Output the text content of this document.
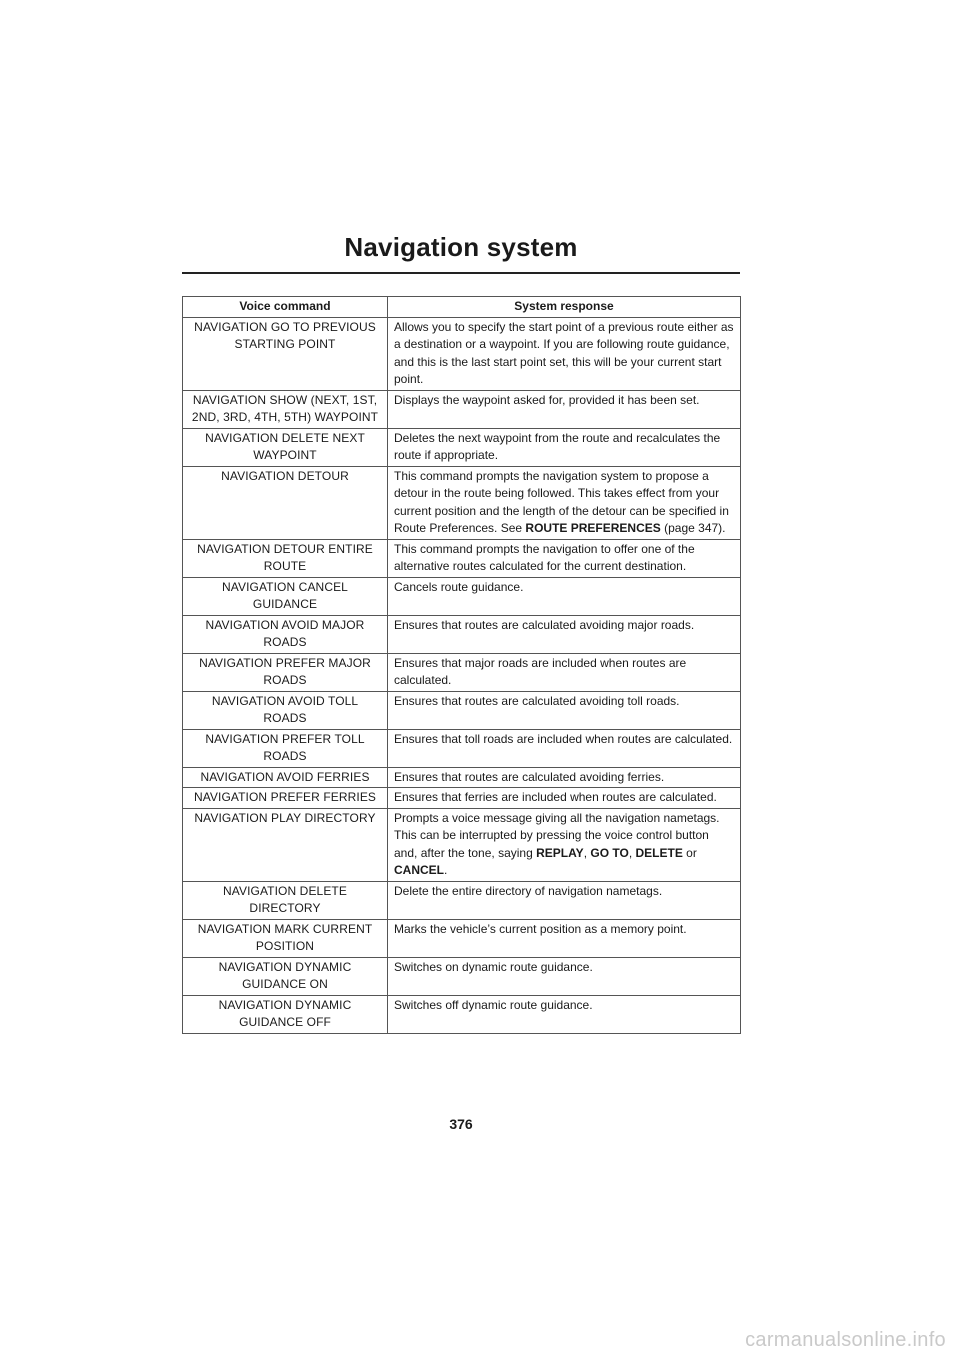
Navigation system
Voice command	System response
NAVIGATION GO TO PREVIOUS STARTING POINT	Allows you to specify the start point of a previous route either as a destination or a waypoint. If you are following route guidance, and this is the last start point set, this will be your current start point.
NAVIGATION SHOW (NEXT, 1ST, 2ND, 3RD, 4TH, 5TH) WAYPOINT	Displays the waypoint asked for, provided it has been set.
NAVIGATION DELETE NEXT WAYPOINT	Deletes the next waypoint from the route and recalculates the route if appropriate.
NAVIGATION DETOUR	This command prompts the navigation system to propose a detour in the route being followed. This takes effect from your current position and the length of the detour can be specified in Route Preferences. See ROUTE PREFERENCES (page 347).
NAVIGATION DETOUR ENTIRE ROUTE	This command prompts the navigation to offer one of the alternative routes calculated for the current destination.
NAVIGATION CANCEL GUIDANCE	Cancels route guidance.
NAVIGATION AVOID MAJOR ROADS	Ensures that routes are calculated avoiding major roads.
NAVIGATION PREFER MAJOR ROADS	Ensures that major roads are included when routes are calculated.
NAVIGATION AVOID TOLL ROADS	Ensures that routes are calculated avoiding toll roads.
NAVIGATION PREFER TOLL ROADS	Ensures that toll roads are included when routes are calculated.
NAVIGATION AVOID FERRIES	Ensures that routes are calculated avoiding ferries.
NAVIGATION PREFER FERRIES	Ensures that ferries are included when routes are calculated.
NAVIGATION PLAY DIRECTORY	Prompts a voice message giving all the navigation nametags. This can be interrupted by pressing the voice control button and, after the tone, saying REPLAY, GO TO, DELETE or CANCEL.
NAVIGATION DELETE DIRECTORY	Delete the entire directory of navigation nametags.
NAVIGATION MARK CURRENT POSITION	Marks the vehicle’s current position as a memory point.
NAVIGATION DYNAMIC GUIDANCE ON	Switches on dynamic route guidance.
NAVIGATION DYNAMIC GUIDANCE OFF	Switches off dynamic route guidance.
376
carmanualsonline.info
